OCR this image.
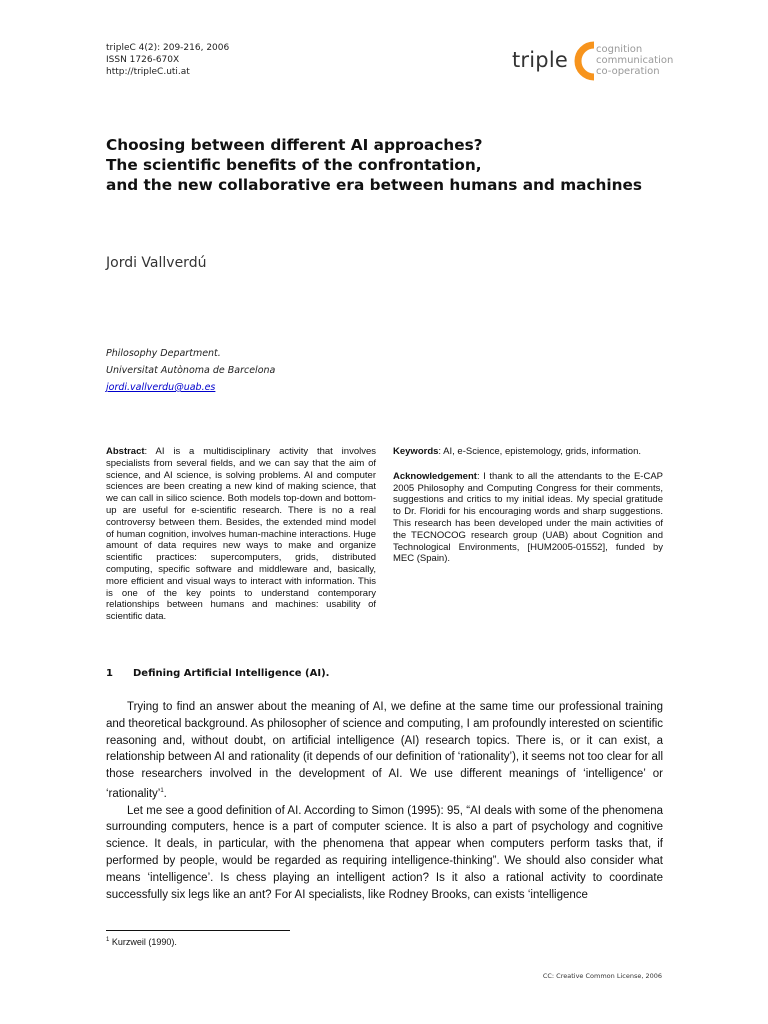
tripleC 4(2): 209-216, 2006
ISSN 1726-670X
http://tripleC.uti.at	triple	cognition
communication
co-operation
Choosing between different AI approaches?
The scientific benefits of the confrontation,
and the new collaborative era between humans and machines
Jordi Vallverdú
Philosophy Department.
Universitat Autònoma de Barcelona
jordi.vallverdu@uab.es
Abstract: AI is a multidisciplinary activity that involves specialists from several fields, and we can say that the aim of science, and AI science, is solving problems. AI and computer sciences are been creating a new kind of making science, that we can call in silico science. Both models top-down and bottom-up are useful for e-scientific research. There is no a real controversy between them. Besides, the extended mind model of human cognition, involves human-machine interactions. Huge amount of data requires new ways to make and organize scientific practices: supercomputers, grids, distributed computing, specific software and middleware and, basically, more efficient and visual ways to interact with information. This is one of the key points to understand contemporary relationships between humans and machines: usability of scientific data.

Keywords: AI, e-Science, epistemology, grids, information.

Acknowledgement: I thank to all the attendants to the E-CAP 2005 Philosophy and Computing Congress for their comments, suggestions and critics to my initial ideas. My special gratitude to Dr. Floridi for his encouraging words and sharp suggestions. This research has been developed under the main activities of the TECNOCOG research group (UAB) about Cognition and Technological Environments, [HUM2005-01552], funded by MEC (Spain).

1 Defining Artificial Intelligence (AI).

Trying to find an answer about the meaning of AI, we define at the same time our professional training and theoretical background. As philosopher of science and computing, I am profoundly interested on scientific reasoning and, without doubt, on artificial intelligence (AI) research topics. There is, or it can exist, a relationship between AI and rationality (it depends of our definition of ‘rationality’), it seems not too clear for all those researchers involved in the development of AI. We use different meanings of ‘intelligence’ or ‘rationality’$^1$.

Let me see a good definition of AI. According to Simon (1995): 95, “AI deals with some of the phenomena surrounding computers, hence is a part of computer science. It is also a part of psychology and cognitive science. It deals, in particular, with the phenomena that appear when computers perform tasks that, if performed by people, would be regarded as requiring intelligence-thinking”. We should also consider what means ‘intelligence’. Is chess playing an intelligent action? Is it also a rational activity to coordinate successfully six legs like an ant? For AI specialists, like Rodney Brooks, can exists ‘intelligence

$^1$ Kurzweil (1990).
CC: Creative Common License, 2006
